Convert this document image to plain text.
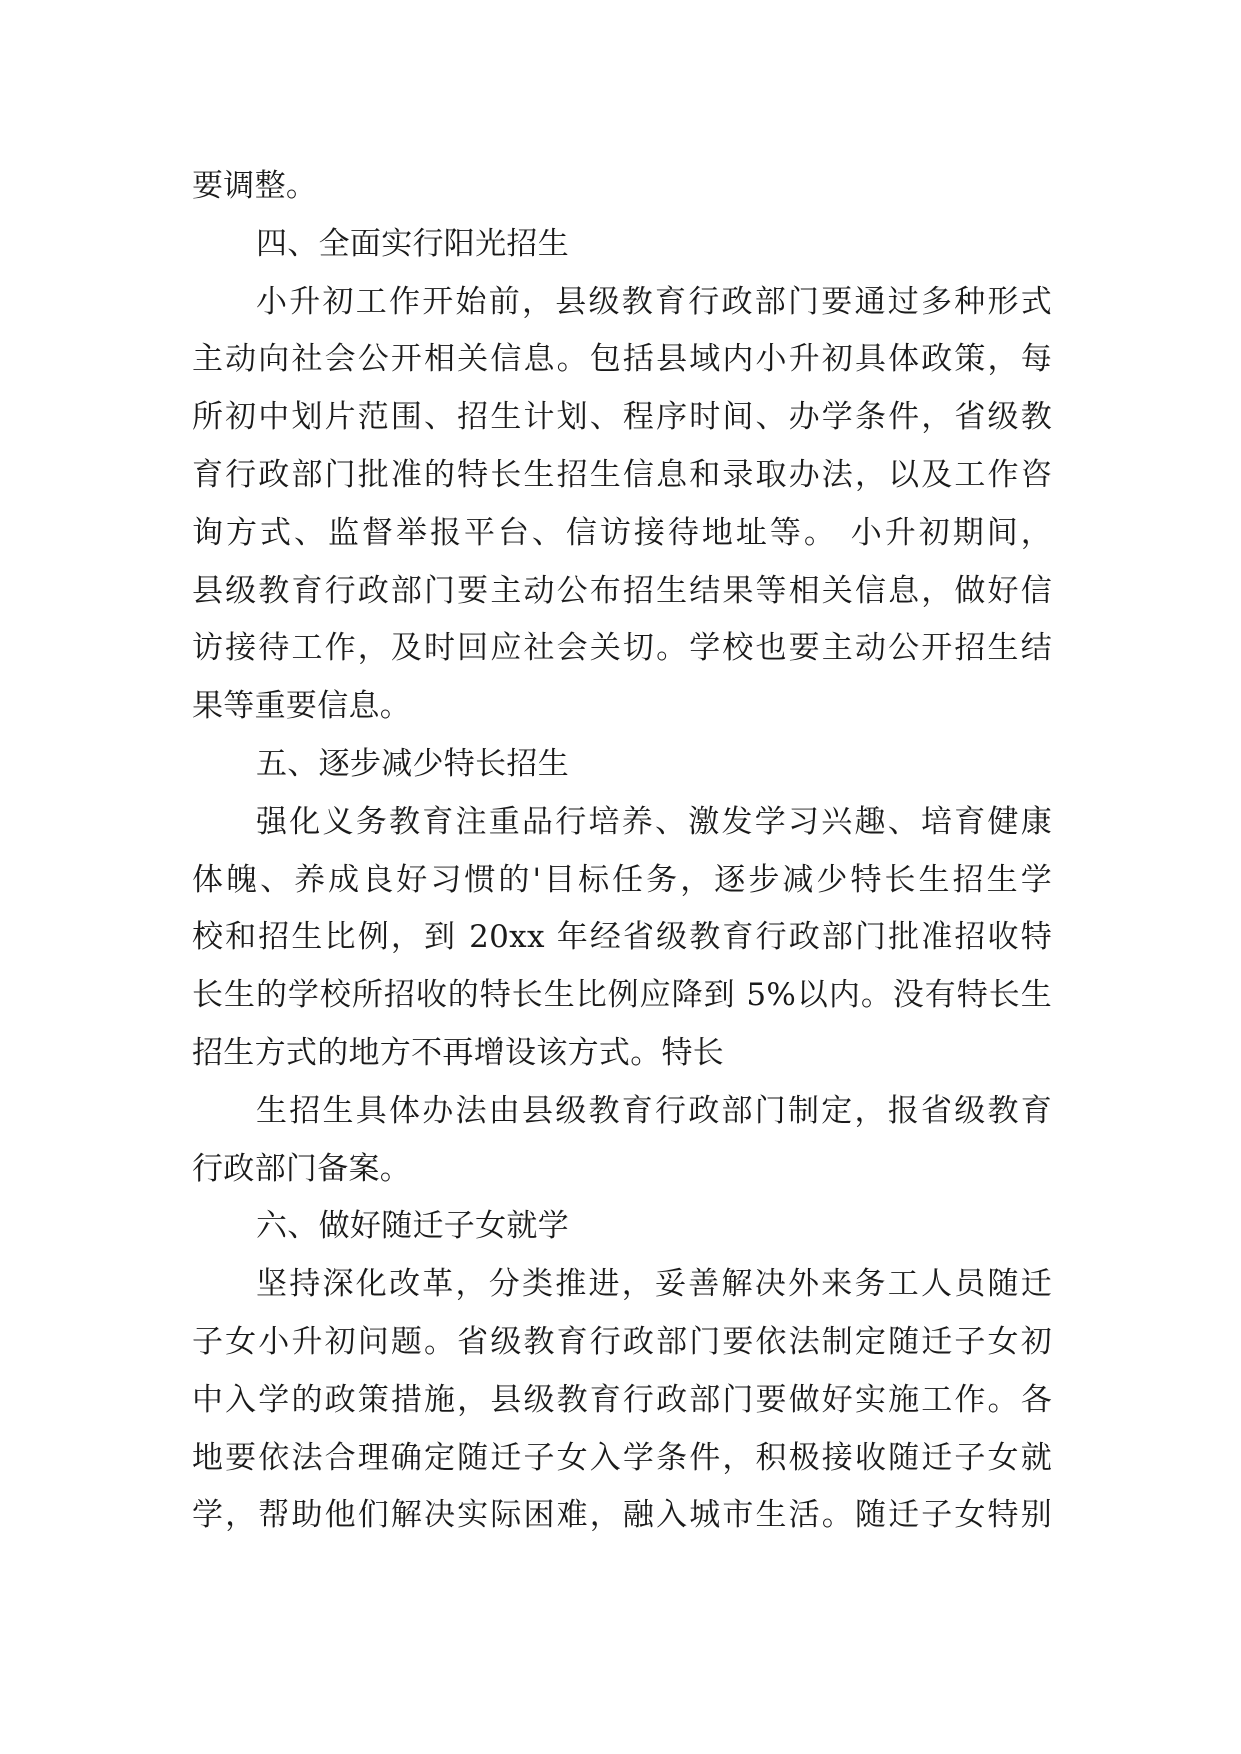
要调整。
四、全面实行阳光招生
小升初工作开始前，县级教育行政部门要通过多种形式
主动向社会公开相关信息。包括县域内小升初具体政策，每
所初中划片范围、招生计划、程序时间、办学条件，省级教
育行政部门批准的特长生招生信息和录取办法，以及工作咨
询方式、监督举报平台、信访接待地址等。 小升初期间，
县级教育行政部门要主动公布招生结果等相关信息，做好信
访接待工作，及时回应社会关切。学校也要主动公开招生结
果等重要信息。
五、逐步减少特长招生
强化义务教育注重品行培养、激发学习兴趣、培育健康
体魄、养成良好习惯的'目标任务，逐步减少特长生招生学
校和招生比例，到 20xx 年经省级教育行政部门批准招收特
长生的学校所招收的特长生比例应降到 5%以内。没有特长生
招生方式的地方不再增设该方式。特长
生招生具体办法由县级教育行政部门制定，报省级教育
行政部门备案。
六、做好随迁子女就学
坚持深化改革，分类推进，妥善解决外来务工人员随迁
子女小升初问题。省级教育行政部门要依法制定随迁子女初
中入学的政策措施，县级教育行政部门要做好实施工作。各
地要依法合理确定随迁子女入学条件，积极接收随迁子女就
学，帮助他们解决实际困难，融入城市生活。随迁子女特别
